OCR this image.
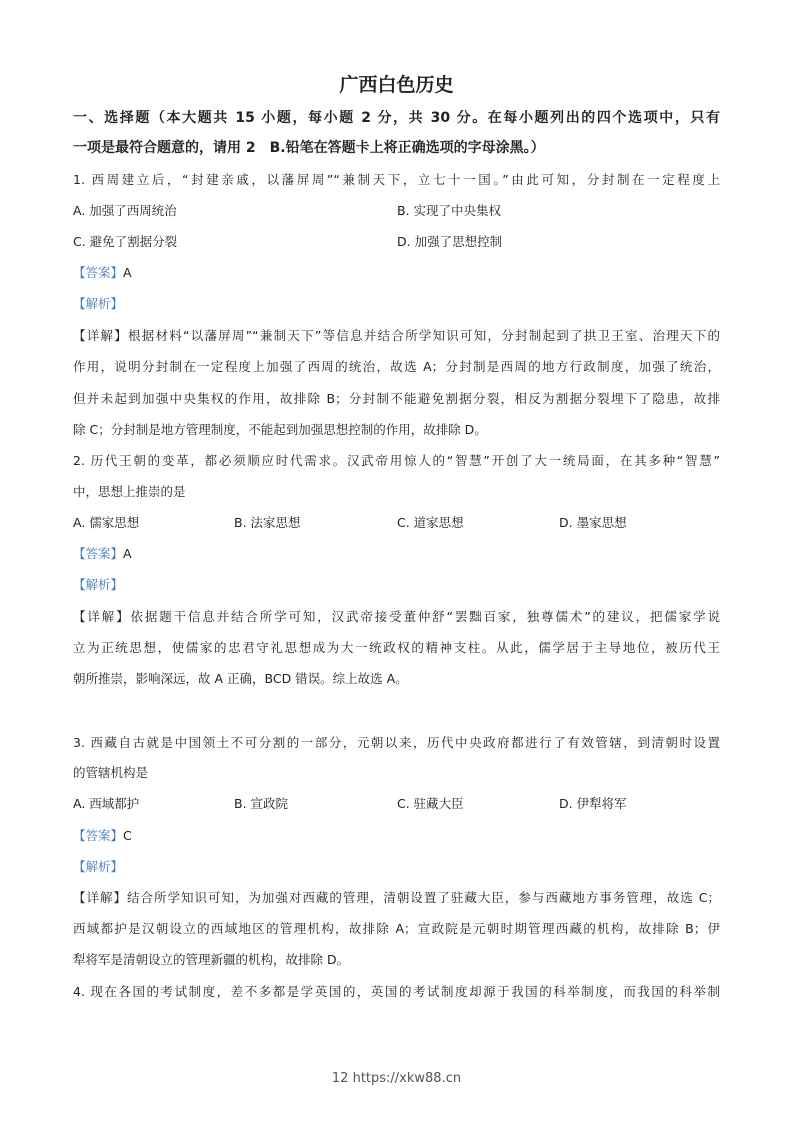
广西白色历史
一、选择题（本大题共 15 小题，每小题 2 分，共 30 分。在每小题列出的四个选项中，只有
一项是最符合题意的，请用 2　B.铅笔在答题卡上将正确选项的字母涂黑。）
1. 西周建立后，“封建亲戚，以藩屏周”“兼制天下，立七十一国。”由此可知，分封制在一定程度上
A. 加强了西周统治	B. 实现了中央集权
C. 避免了割据分裂	D. 加强了思想控制
【答案】A
【解析】
【详解】根据材料“以藩屏周”“兼制天下”等信息并结合所学知识可知，分封制起到了拱卫王室、治理天下的
作用，说明分封制在一定程度上加强了西周的统治，故选 A；分封制是西周的地方行政制度，加强了统治，
但并未起到加强中央集权的作用，故排除 B；分封制不能避免割据分裂，相反为割据分裂埋下了隐患，故排
除 C；分封制是地方管理制度，不能起到加强思想控制的作用，故排除 D。
2. 历代王朝的变革，都必须顺应时代需求。汉武帝用惊人的“智慧”开创了大一统局面，在其多种“智慧”
中，思想上推崇的是
A. 儒家思想	B. 法家思想	C. 道家思想	D. 墨家思想
【答案】A
【解析】
【详解】依据题干信息并结合所学可知，汉武帝接受董仲舒“罢黜百家，独尊儒术”的建议，把儒家学说
立为正统思想，使儒家的忠君守礼思想成为大一统政权的精神支柱。从此，儒学居于主导地位，被历代王
朝所推崇，影响深远，故 A 正确，BCD 错误。综上故选 A。
3. 西藏自古就是中国领土不可分割的一部分，元朝以来，历代中央政府都进行了有效管辖，到清朝时设置
的管辖机构是
A. 西域都护	B. 宣政院	C. 驻藏大臣	D. 伊犁将军
【答案】C
【解析】
【详解】结合所学知识可知，为加强对西藏的管理，清朝设置了驻藏大臣，参与西藏地方事务管理，故选 C；
西域都护是汉朝设立的西域地区的管理机构，故排除 A；宣政院是元朝时期管理西藏的机构，故排除 B；伊
犁将军是清朝设立的管理新疆的机构，故排除 D。
4. 现在各国的考试制度，差不多都是学英国的，英国的考试制度却源于我国的科举制度，而我国的科举制
12 https://xkw88.cn
